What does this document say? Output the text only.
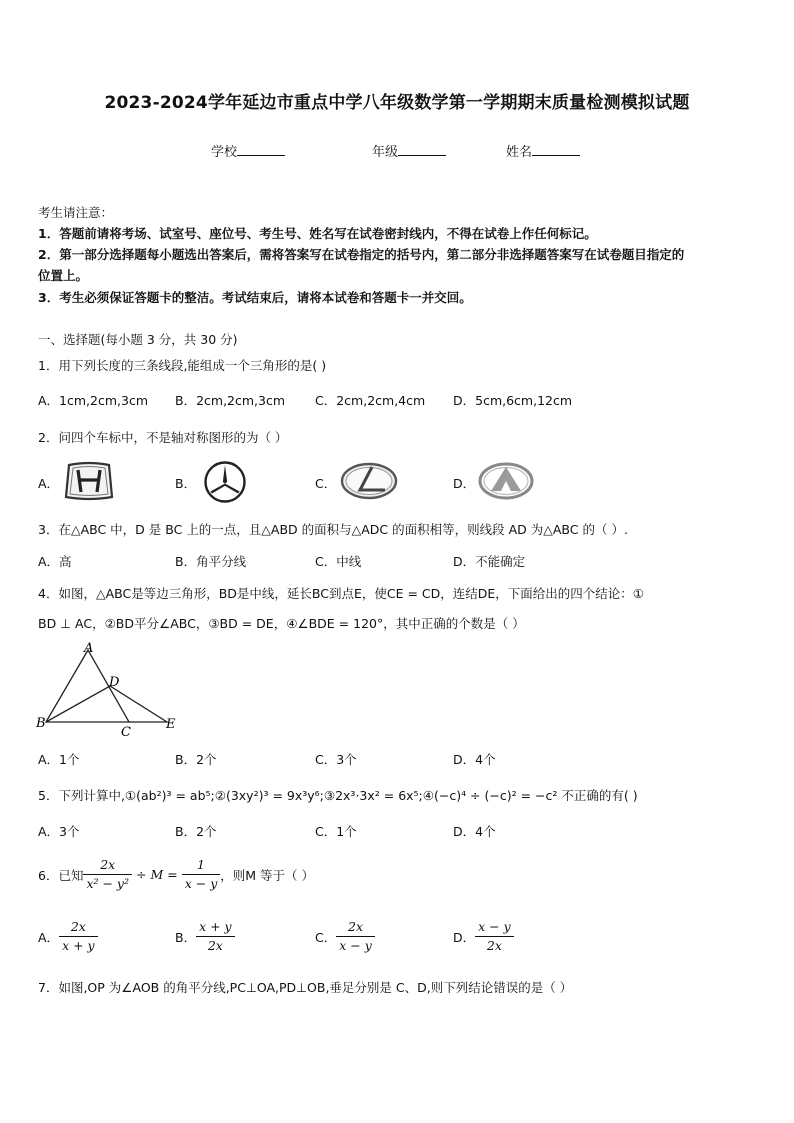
2023-2024学年延边市重点中学八年级数学第一学期期末质量检测模拟试题
学校	年级	姓名
考生请注意：
1．答题前请将考场、试室号、座位号、考生号、姓名写在试卷密封线内，不得在试卷上作任何标记。
2．第一部分选择题每小题选出答案后，需将答案写在试卷指定的括号内，第二部分非选择题答案写在试卷题目指定的
位置上。
3．考生必须保证答题卡的整洁。考试结束后，请将本试卷和答题卡一并交回。
一、选择题(每小题 3 分，共 30 分)
1．用下列长度的三条线段,能组成一个三角形的是( )
A．1cm,2cm,3cm B．2cm,2cm,3cm C．2cm,2cm,4cm D．5cm,6cm,12cm
2．问四个车标中，不是轴对称图形的为（ ）
A．	B．	C．	D．
3．在△ABC 中，D 是 BC 上的一点，且△ABD 的面积与△ADC 的面积相等，则线段 AD 为△ABC 的（ ）.
A．高	B．角平分线	C．中线	D．不能确定
4．如图，△ABC是等边三角形，BD是中线，延长BC到点E，使CE = CD，连结DE，下面给出的四个结论：①
BD ⊥ AC，②BD平分∠ABC，③BD = DE，④∠BDE = 120°，其中正确的个数是（ ）
A
D
B
C
E
A．1个	B．2个	C．3个	D．4个
5．下列计算中,①(ab²)³ = ab⁵;②(3xy²)³ = 9x³y⁶;③2x³·3x² = 6x⁵;④(−c)⁴ ÷ (−c)² = −c² 不正确的有( )
A．3个	B．2个	C．1个	D．4个
6．已知 $\frac{2x}{\text{x² − y²}} \div M = \frac{1}{x - y}$ ，则M 等于（ ）
A． $\frac{2x}{x + y}$	B． $\frac{x + y}{2x}$	C． $\frac{2x}{x - y}$	D． $\frac{x - y}{2x}$
7．如图,OP 为∠AOB 的角平分线,PC⊥OA,PD⊥OB,垂足分别是 C、D,则下列结论错误的是（ ）
